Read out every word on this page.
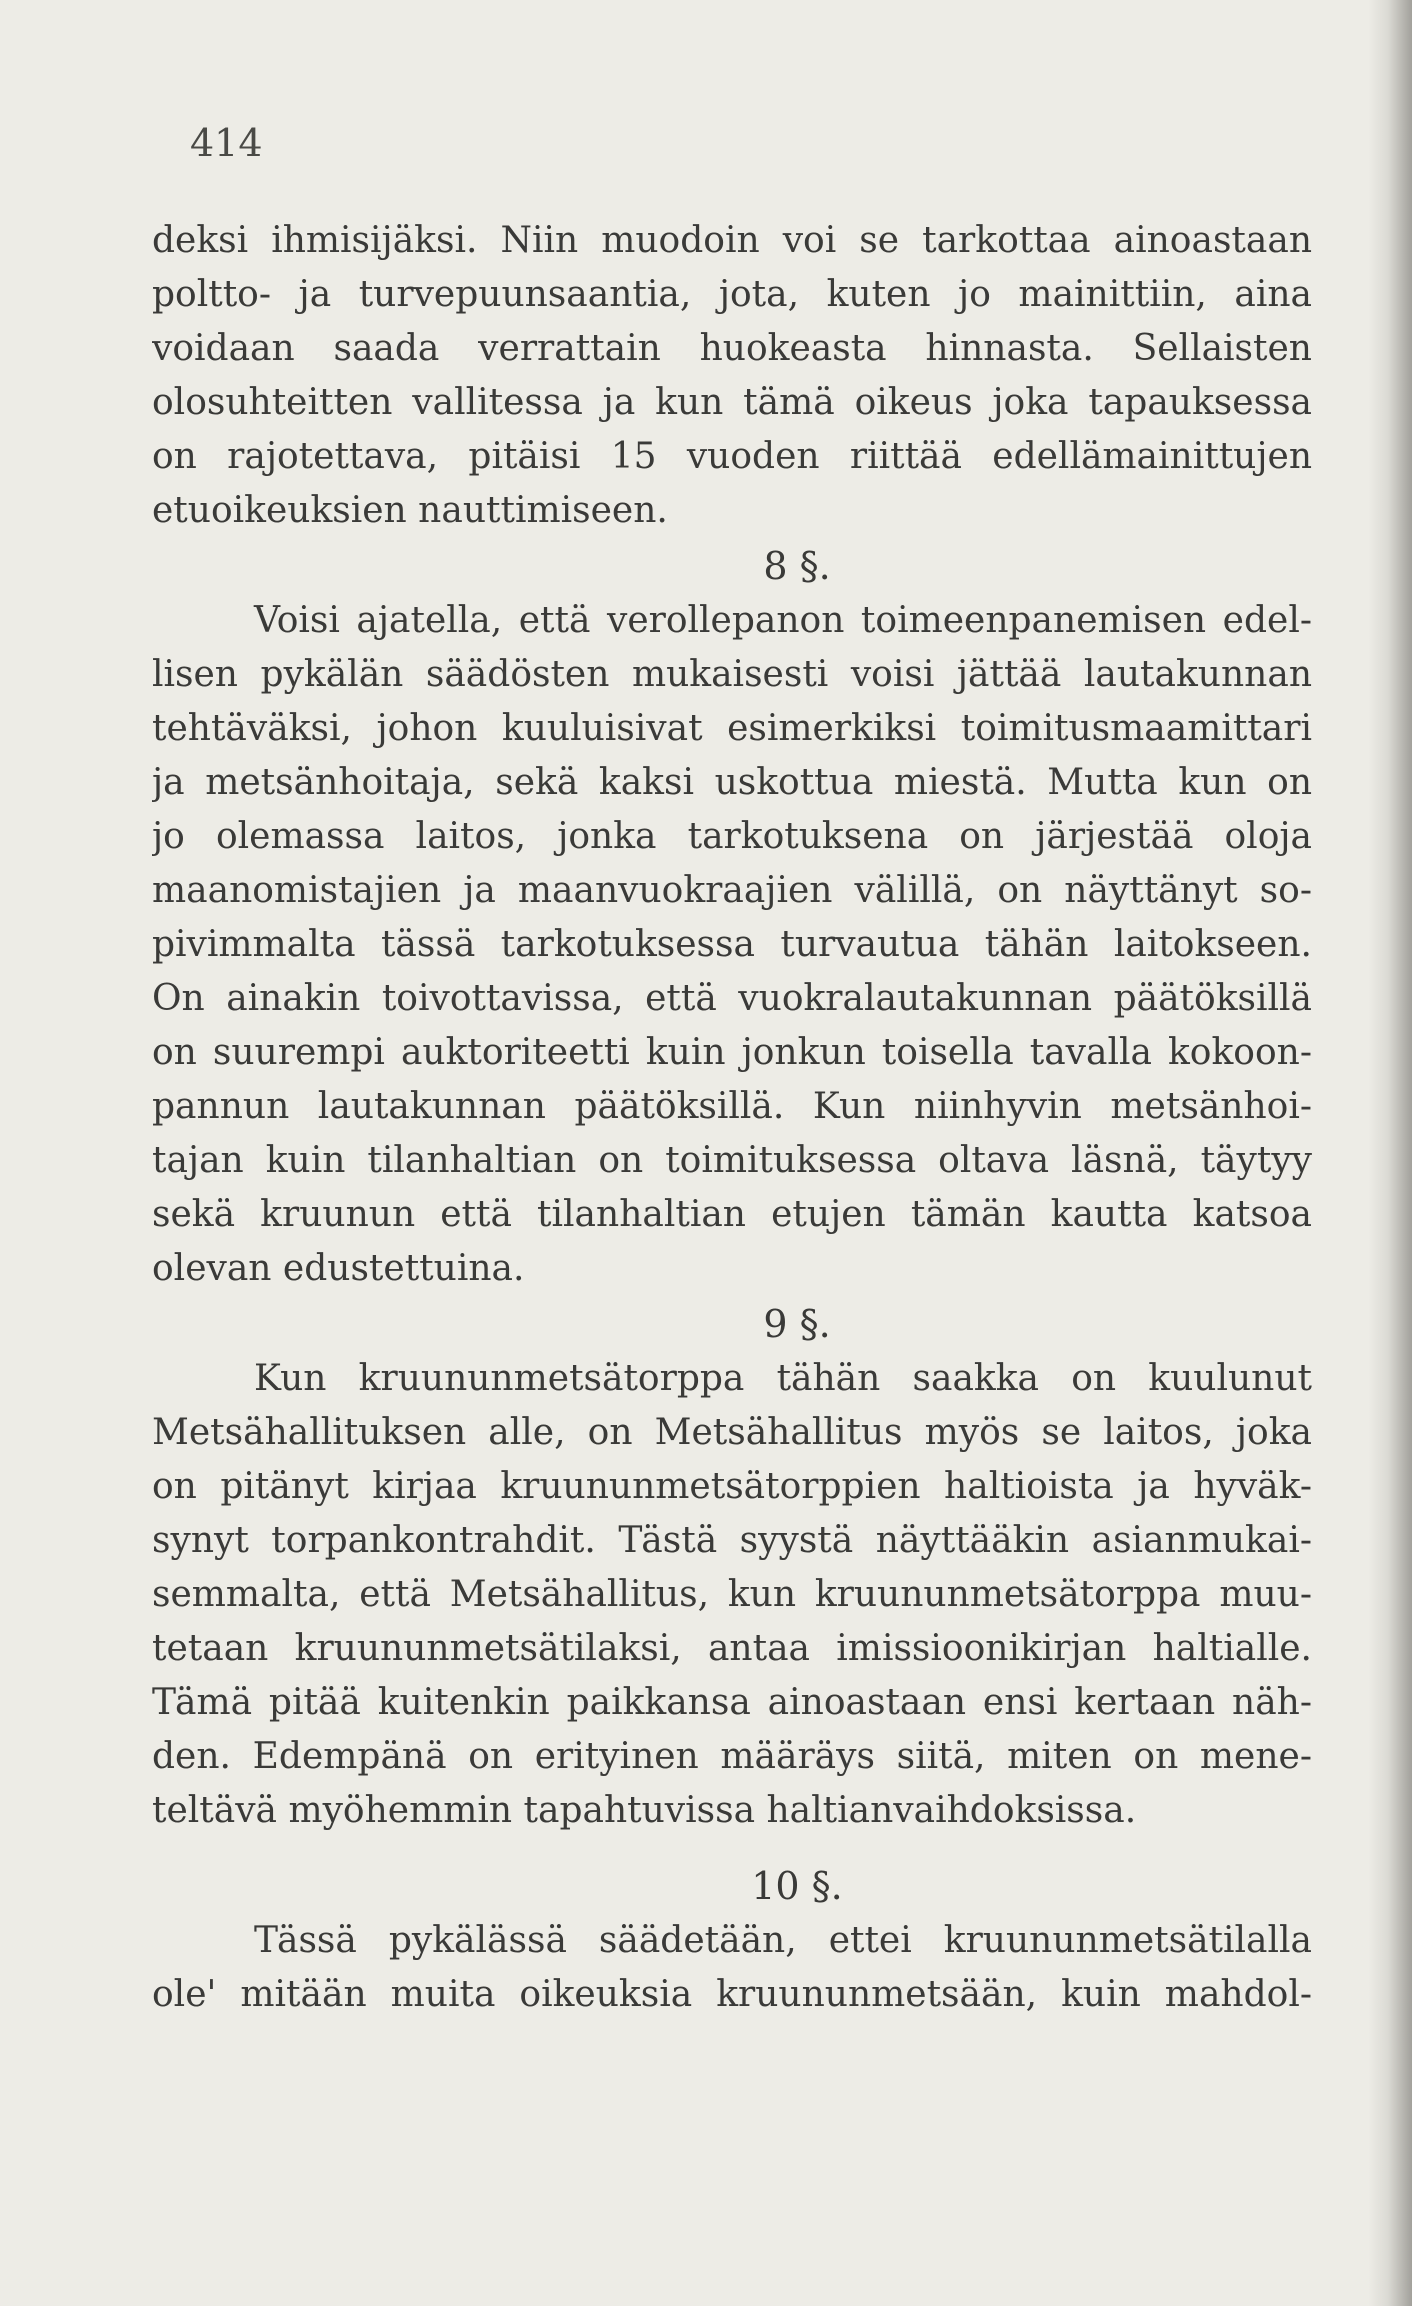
414
deksi ihmisijäksi. Niin muodoin voi se tarkottaa ainoastaan
poltto- ja turvepuunsaantia, jota, kuten jo mainittiin, aina
voidaan saada verrattain huokeasta hinnasta. Sellaisten
olosuhteitten vallitessa ja kun tämä oikeus joka tapauksessa
on rajotettava, pitäisi 15 vuoden riittää edellämainittujen
etuoikeuksien nauttimiseen.
8 §.
Voisi ajatella, että verollepanon toimeenpanemisen edel-
lisen pykälän säädösten mukaisesti voisi jättää lautakunnan
tehtäväksi, johon kuuluisivat esimerkiksi toimitusmaamittari
ja metsänhoitaja, sekä kaksi uskottua miestä. Mutta kun on
jo olemassa laitos, jonka tarkotuksena on järjestää oloja
maanomistajien ja maanvuokraajien välillä, on näyttänyt so-
pivimmalta tässä tarkotuksessa turvautua tähän laitokseen.
On ainakin toivottavissa, että vuokralautakunnan päätöksillä
on suurempi auktoriteetti kuin jonkun toisella tavalla kokoon-
pannun lautakunnan päätöksillä. Kun niinhyvin metsänhoi-
tajan kuin tilanhaltian on toimituksessa oltava läsnä, täytyy
sekä kruunun että tilanhaltian etujen tämän kautta katsoa
olevan edustettuina.
9 §.
Kun kruununmetsätorppa tähän saakka on kuulunut
Metsähallituksen alle, on Metsähallitus myös se laitos, joka
on pitänyt kirjaa kruununmetsätorppien haltioista ja hyväk-
synyt torpankontrahdit. Tästä syystä näyttääkin asianmukai-
semmalta, että Metsähallitus, kun kruununmetsätorppa muu-
tetaan kruununmetsätilaksi, antaa imissioonikirjan haltialle.
Tämä pitää kuitenkin paikkansa ainoastaan ensi kertaan näh-
den. Edempänä on erityinen määräys siitä, miten on mene-
teltävä myöhemmin tapahtuvissa haltianvaihdoksissa.
10 §.
Tässä pykälässä säädetään, ettei kruununmetsätilalla
ole' mitään muita oikeuksia kruununmetsään, kuin mahdol-
